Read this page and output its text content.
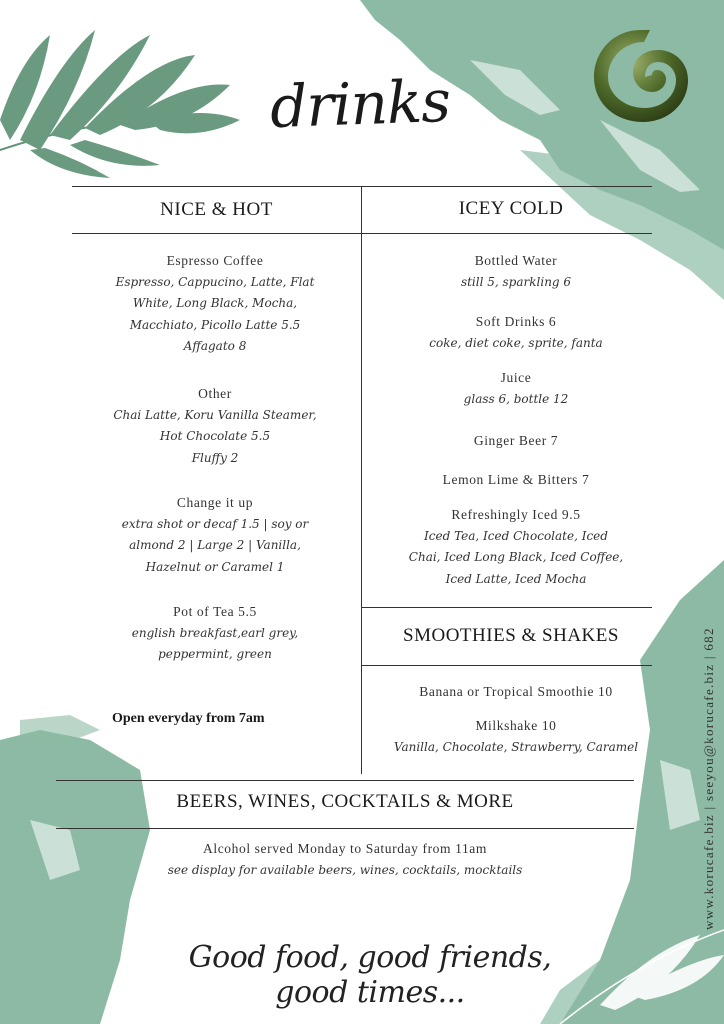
drinks
NICE & HOT	ICEY COLD
SMOOTHIES & SHAKES
BEERS, WINES, COCKTAILS & MORE
Espresso Coffee
Espresso, Cappucino, Latte, Flat
White, Long Black, Mocha,
Macchiato, Picollo Latte 5.5
Affagato 8
Other
Chai Latte, Koru Vanilla Steamer,
Hot Chocolate 5.5
Fluffy 2
Change it up
extra shot or decaf 1.5 | soy or
almond 2 | Large 2 | Vanilla,
Hazelnut or Caramel 1
Pot of Tea 5.5
english breakfast,earl grey,
peppermint, green
Open everyday from 7am
Bottled Water
still 5, sparkling 6
Soft Drinks 6
coke, diet coke, sprite, fanta
Juice
glass 6, bottle 12
Ginger Beer 7
Lemon Lime & Bitters 7
Refreshingly Iced 9.5
Iced Tea, Iced Chocolate, Iced
Chai, Iced Long Black, Iced Coffee,
Iced Latte, Iced Mocha
Banana or Tropical Smoothie 10
Milkshake 10
Vanilla, Chocolate, Strawberry, Caramel
Alcohol served Monday to Saturday from 11am
see display for available beers, wines, cocktails, mocktails	www.korucafe.biz | seeyou@korucafe.biz | 682
Good food, good friends, good times...
